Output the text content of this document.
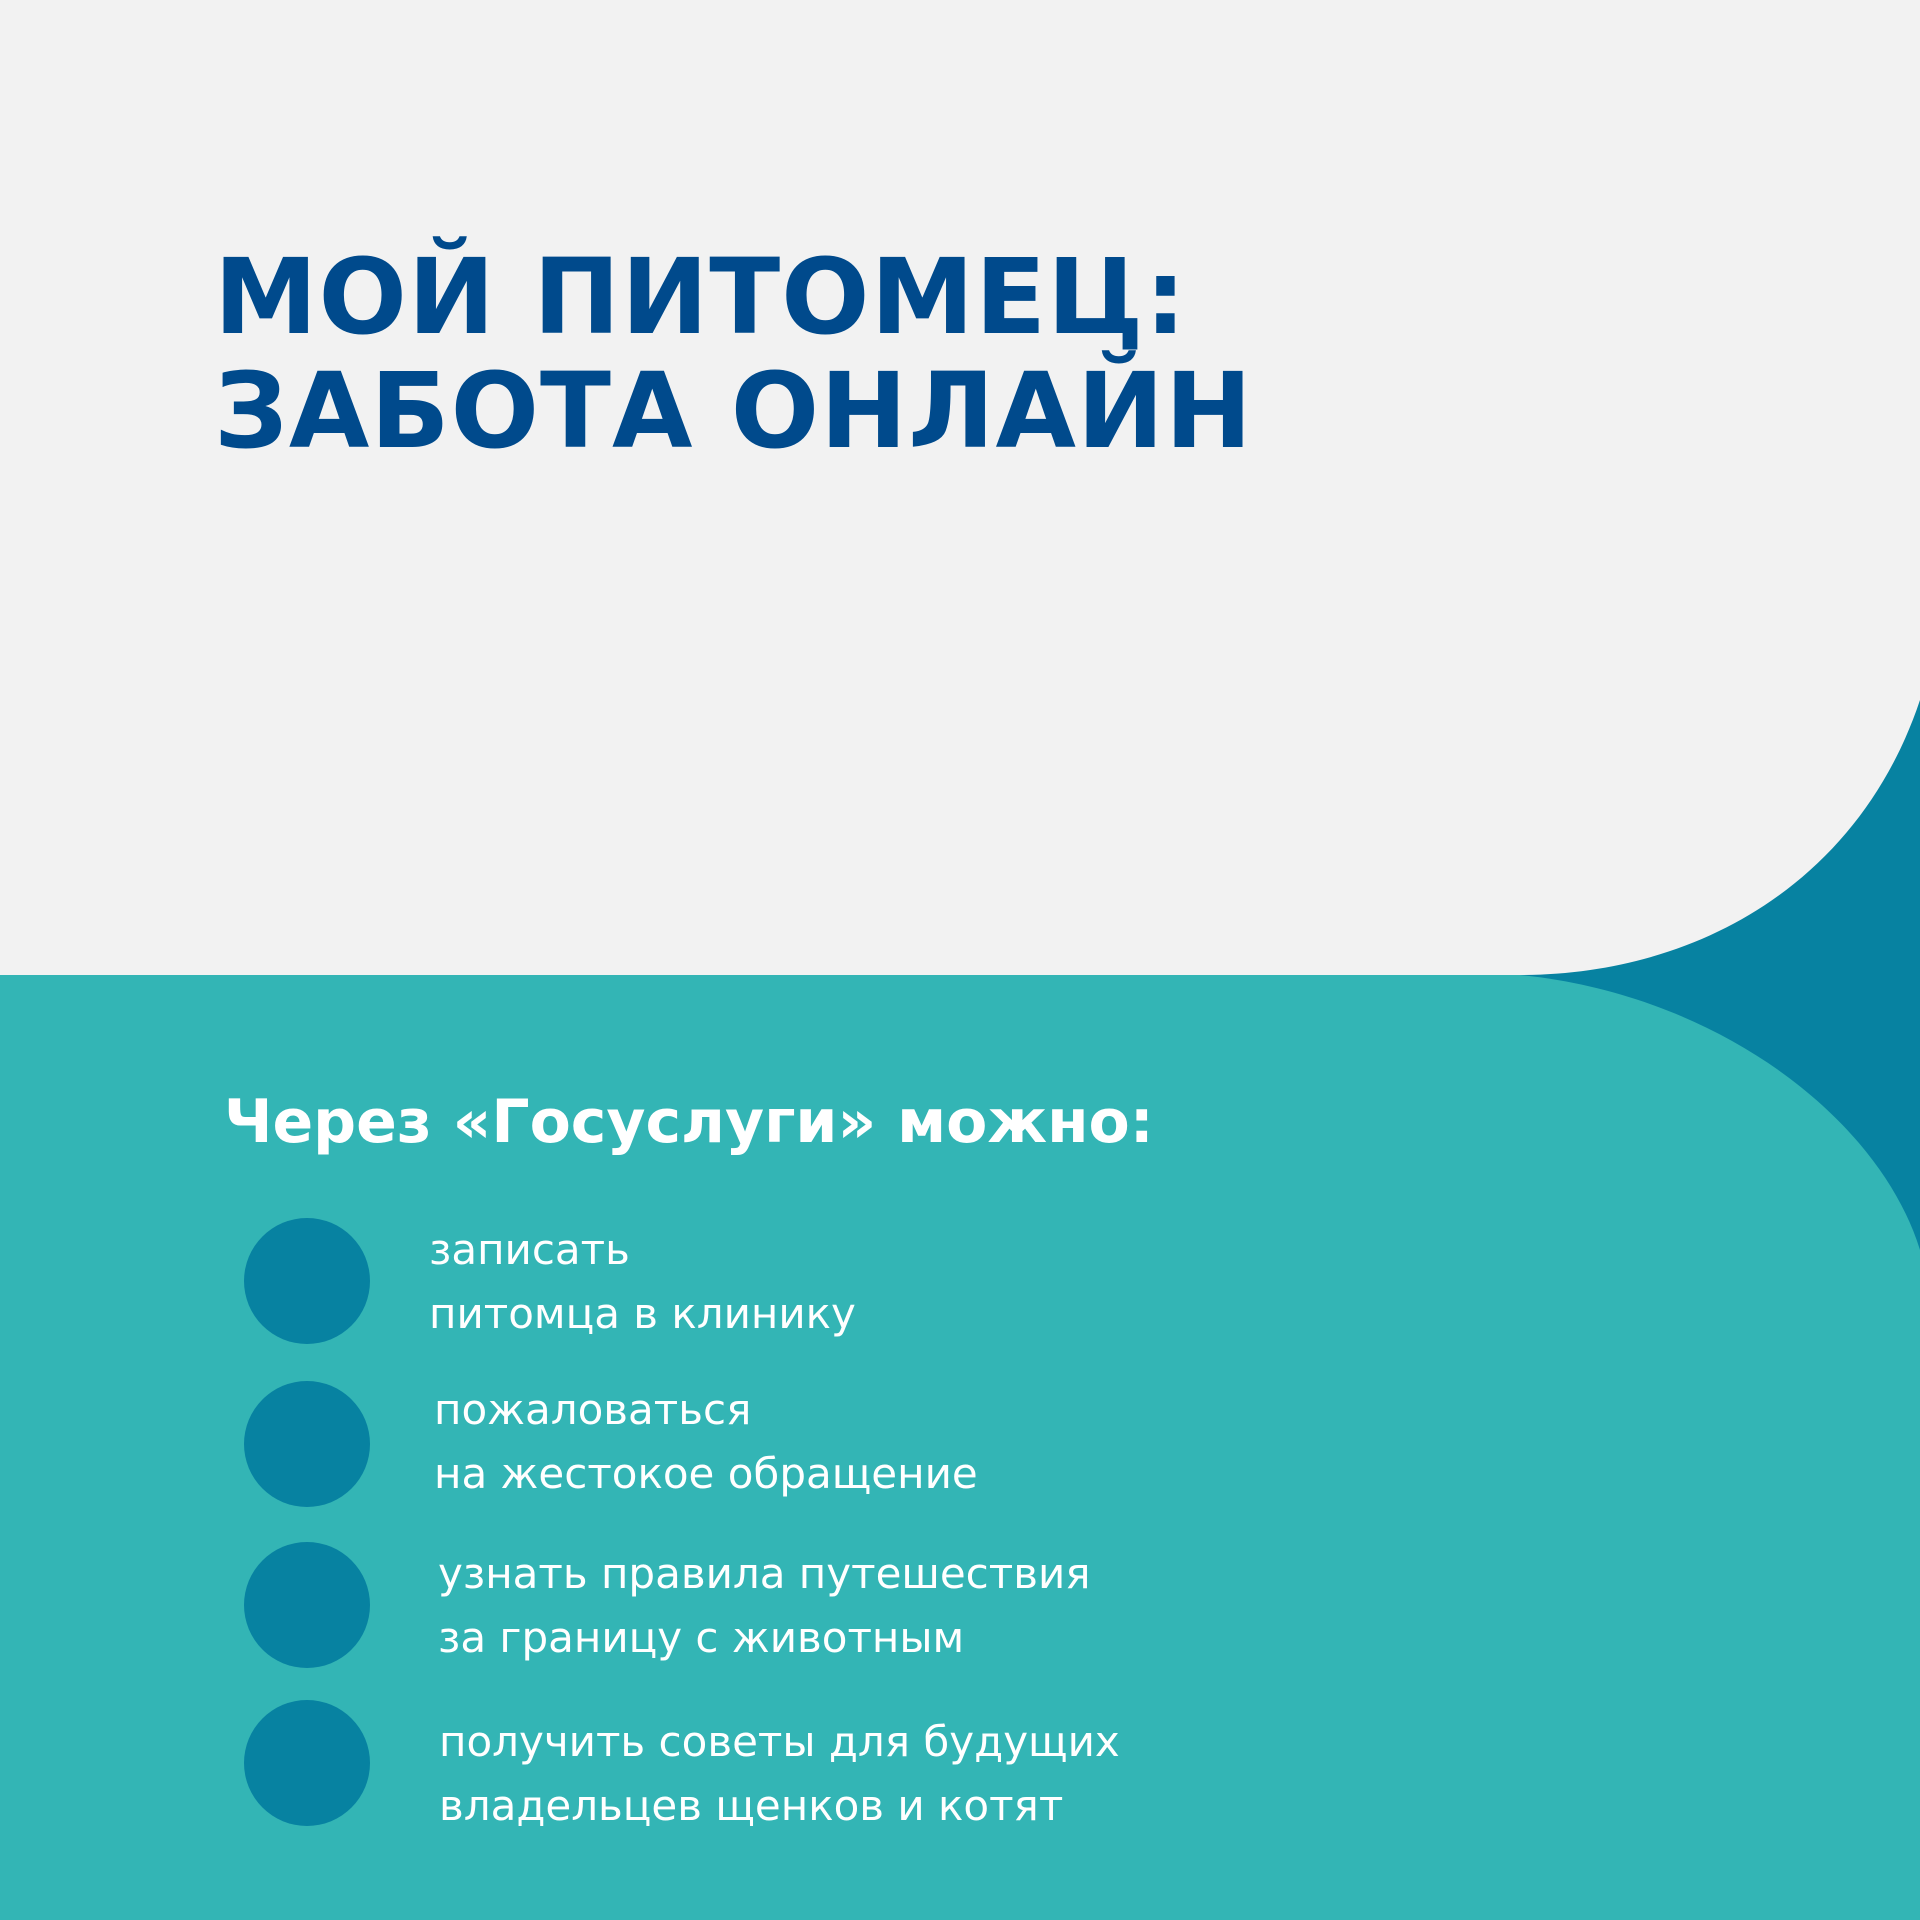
МОЙ ПИТОМЕЦ:
ЗАБОТА ОНЛАЙН
Через «Госуслуги» можно:
записать
питомца в клинику
пожаловаться
на жестокое обращение
узнать правила путешествия
за границу с животным
получить советы для будущих
владельцев щенков и котят
